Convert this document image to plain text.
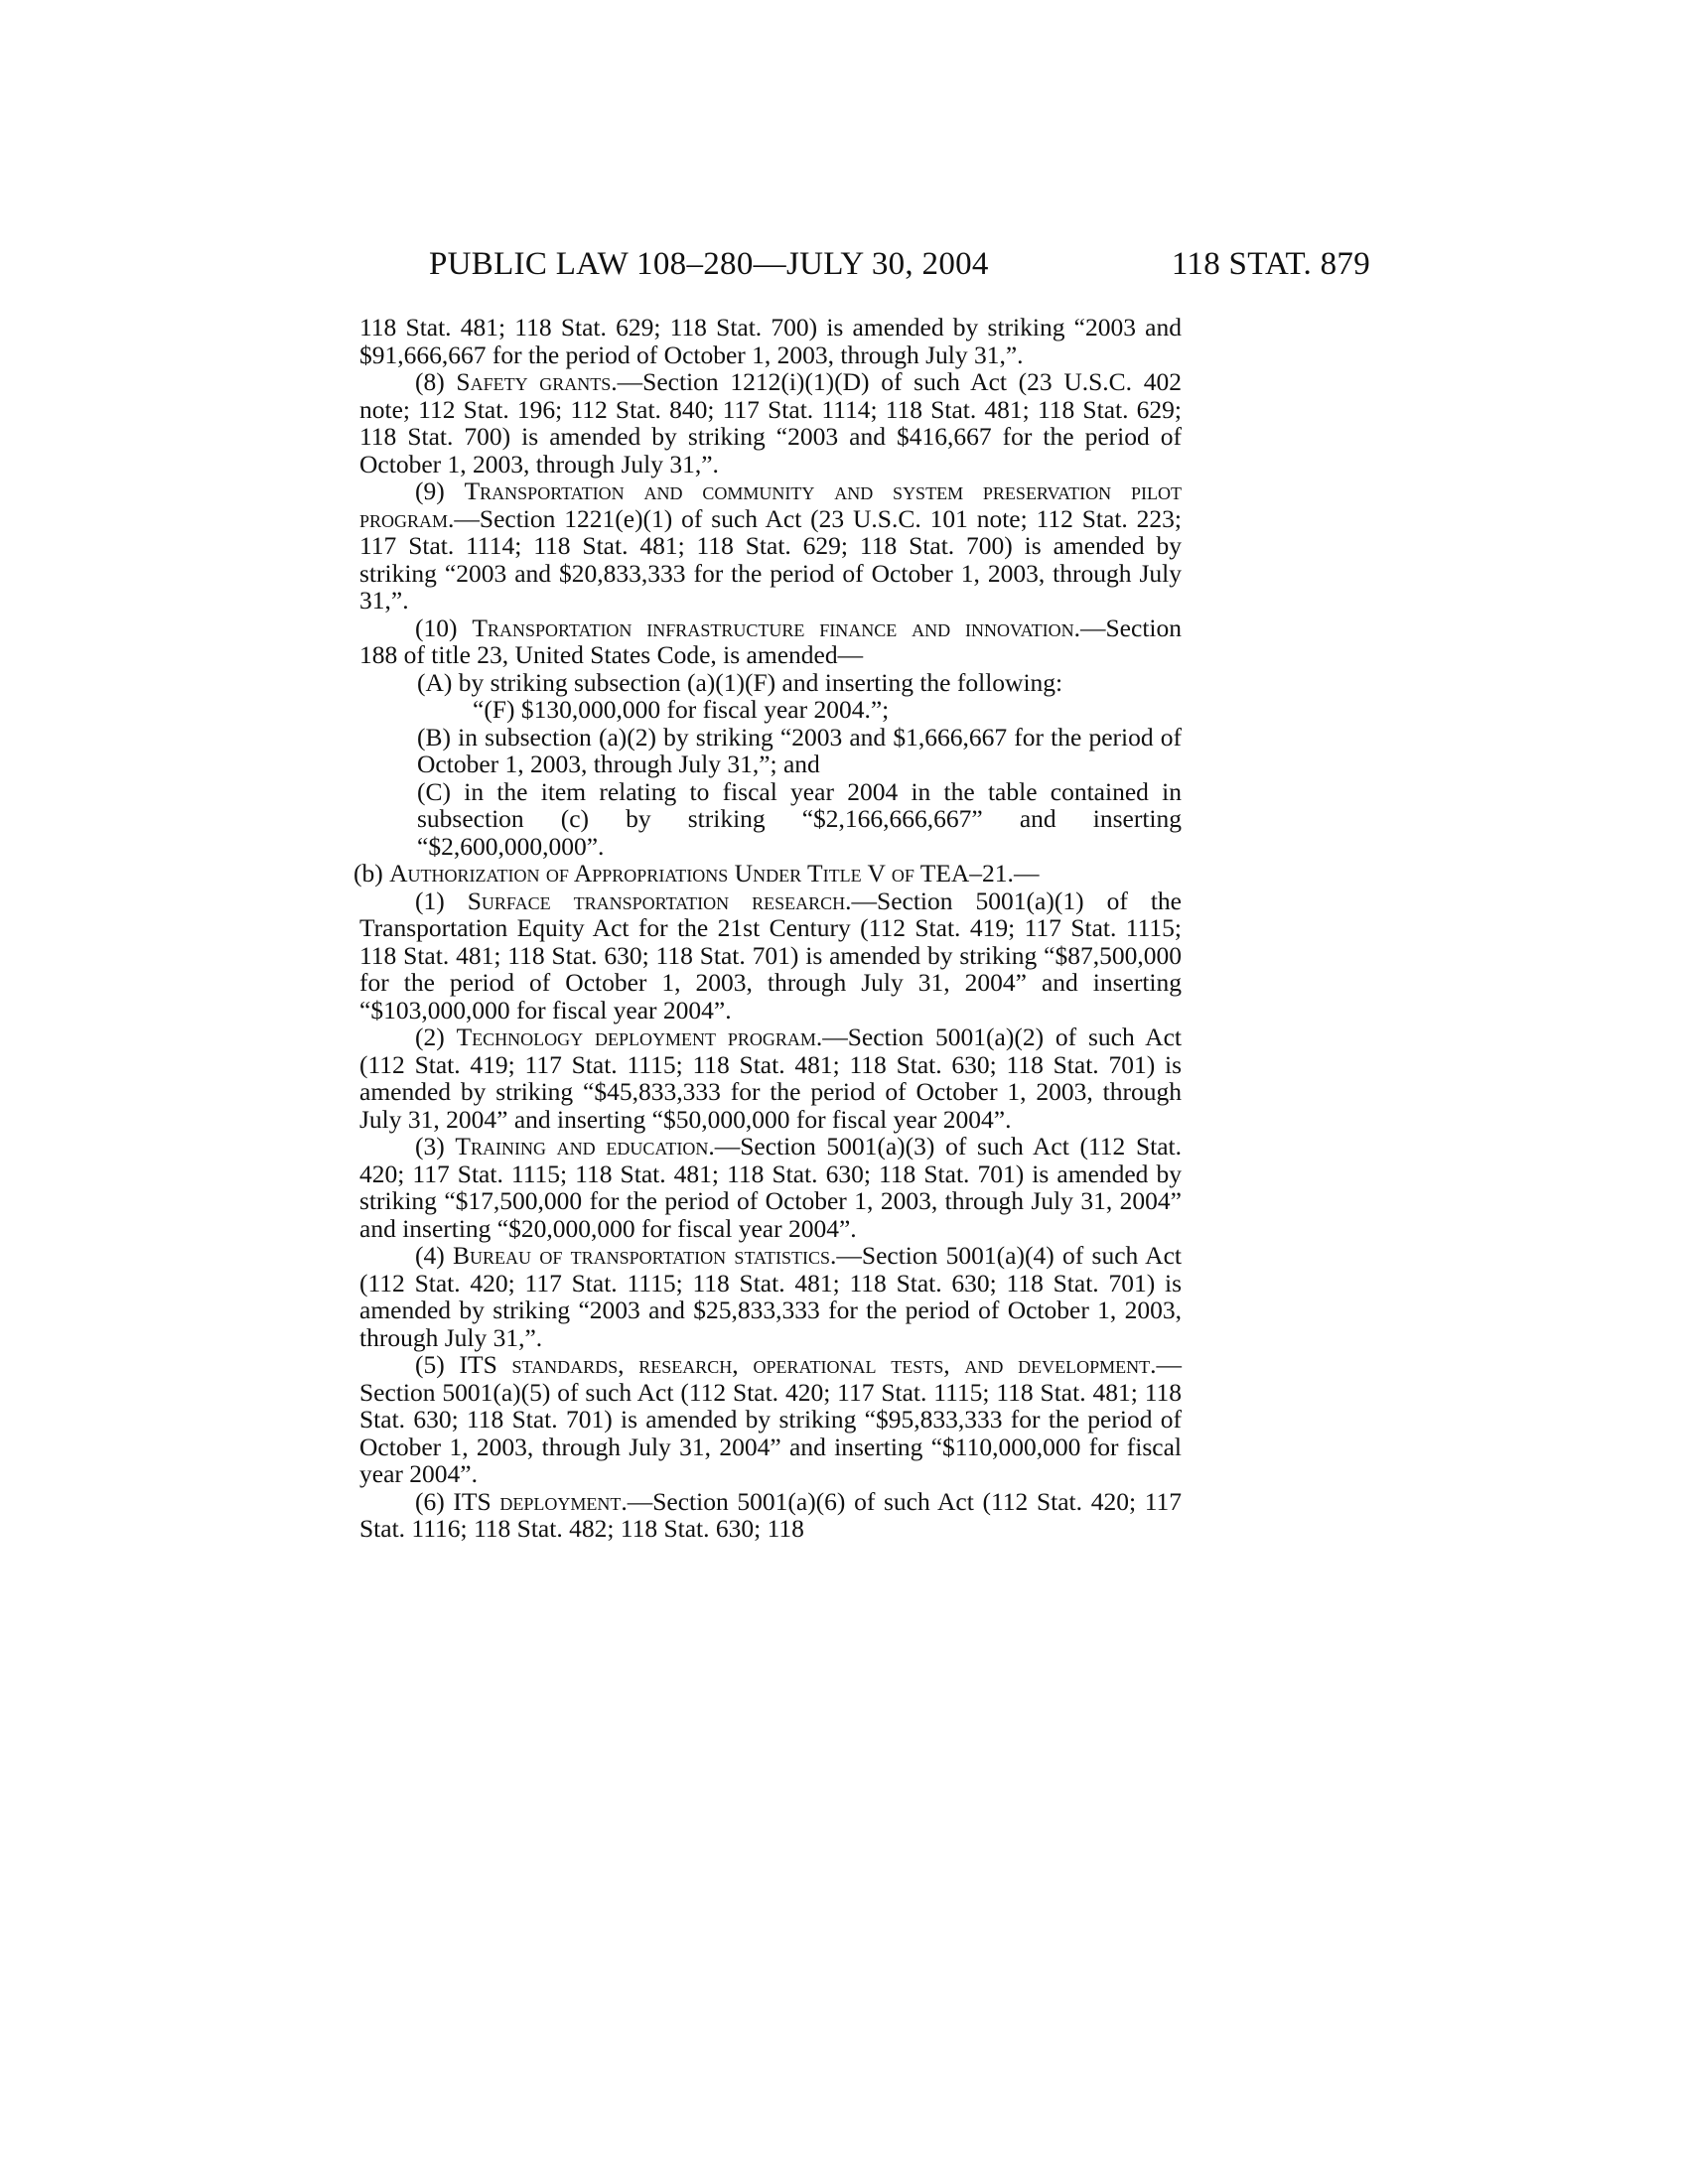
PUBLIC LAW 108–280—JULY 30, 2004	118 STAT. 879

118 Stat. 481; 118 Stat. 629; 118 Stat. 700) is amended by striking “2003 and $91,666,667 for the period of October 1, 2003, through July 31,”.

(8) Safety grants.—Section 1212(i)(1)(D) of such Act (23 U.S.C. 402 note; 112 Stat. 196; 112 Stat. 840; 117 Stat. 1114; 118 Stat. 481; 118 Stat. 629; 118 Stat. 700) is amended by striking “2003 and $416,667 for the period of October 1, 2003, through July 31,”.

(9) Transportation and community and system preservation pilot program.—Section 1221(e)(1) of such Act (23 U.S.C. 101 note; 112 Stat. 223; 117 Stat. 1114; 118 Stat. 481; 118 Stat. 629; 118 Stat. 700) is amended by striking “2003 and $20,833,333 for the period of October 1, 2003, through July 31,”.

(10) Transportation infrastructure finance and innovation.—Section 188 of title 23, United States Code, is amended—

(A) by striking subsection (a)(1)(F) and inserting the following:

“(F) $130,000,000 for fiscal year 2004.”;

(B) in subsection (a)(2) by striking “2003 and $1,666,667 for the period of October 1, 2003, through July 31,”; and

(C) in the item relating to fiscal year 2004 in the table contained in subsection (c) by striking “$2,166,666,667” and inserting “$2,600,000,000”.

(b) Authorization of Appropriations Under Title V of TEA–21.—

(1) Surface transportation research.—Section 5001(a)(1) of the Transportation Equity Act for the 21st Century (112 Stat. 419; 117 Stat. 1115; 118 Stat. 481; 118 Stat. 630; 118 Stat. 701) is amended by striking “$87,500,000 for the period of October 1, 2003, through July 31, 2004” and inserting “$103,000,000 for fiscal year 2004”.

(2) Technology deployment program.—Section 5001(a)(2) of such Act (112 Stat. 419; 117 Stat. 1115; 118 Stat. 481; 118 Stat. 630; 118 Stat. 701) is amended by striking “$45,833,333 for the period of October 1, 2003, through July 31, 2004” and inserting “$50,000,000 for fiscal year 2004”.

(3) Training and education.—Section 5001(a)(3) of such Act (112 Stat. 420; 117 Stat. 1115; 118 Stat. 481; 118 Stat. 630; 118 Stat. 701) is amended by striking “$17,500,000 for the period of October 1, 2003, through July 31, 2004” and inserting “$20,000,000 for fiscal year 2004”.

(4) Bureau of transportation statistics.—Section 5001(a)(4) of such Act (112 Stat. 420; 117 Stat. 1115; 118 Stat. 481; 118 Stat. 630; 118 Stat. 701) is amended by striking “2003 and $25,833,333 for the period of October 1, 2003, through July 31,”.

(5) ITS standards, research, operational tests, and development.—Section 5001(a)(5) of such Act (112 Stat. 420; 117 Stat. 1115; 118 Stat. 481; 118 Stat. 630; 118 Stat. 701) is amended by striking “$95,833,333 for the period of October 1, 2003, through July 31, 2004” and inserting “$110,000,000 for fiscal year 2004”.

(6) ITS deployment.—Section 5001(a)(6) of such Act (112 Stat. 420; 117 Stat. 1116; 118 Stat. 482; 118 Stat. 630; 118
